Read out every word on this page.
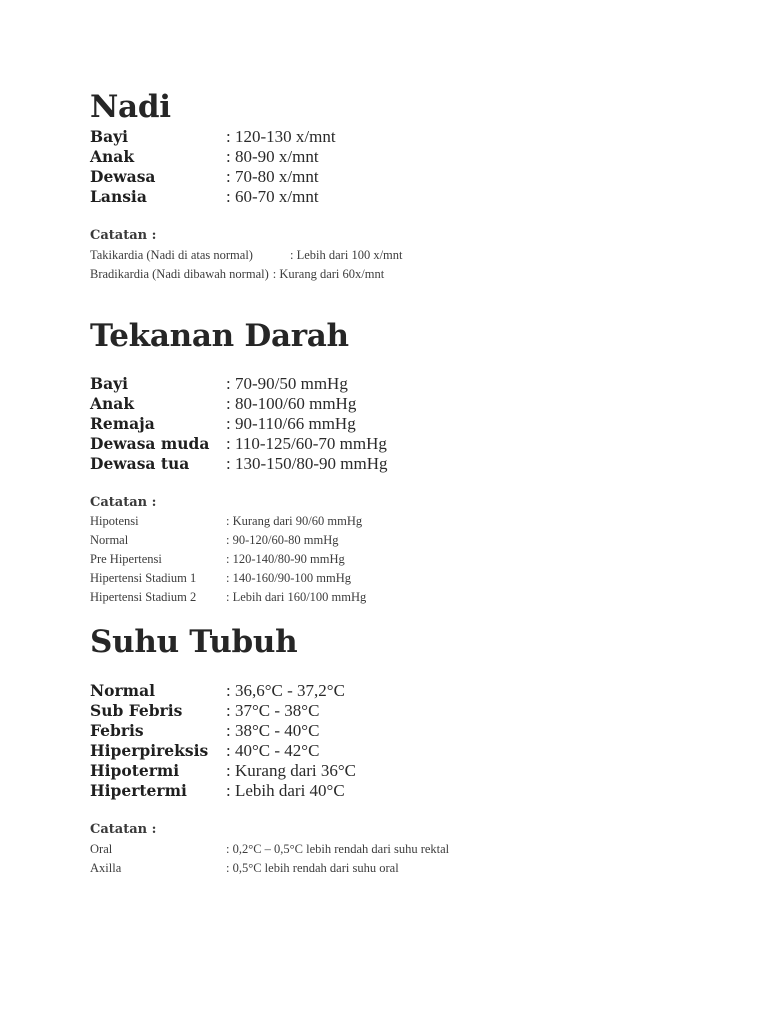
Nadi
Bayi	: 120-130 x/mnt
Anak	: 80-90 x/mnt
Dewasa	: 70-80 x/mnt
Lansia	: 60-70 x/mnt
Catatan :
Takikardia (Nadi di atas normal)	: Lebih dari 100 x/mnt
Bradikardia (Nadi dibawah normal) : Kurang dari 60x/mnt
Tekanan Darah
Bayi	: 70-90/50 mmHg
Anak	: 80-100/60 mmHg
Remaja	: 90-110/66 mmHg
Dewasa muda : 110-125/60-70 mmHg
Dewasa tua	: 130-150/80-90 mmHg
Catatan :
Hipotensi	: Kurang dari 90/60 mmHg
Normal	: 90-120/60-80 mmHg
Pre Hipertensi	: 120-140/80-90 mmHg
Hipertensi Stadium 1	: 140-160/90-100 mmHg
Hipertensi Stadium 2	: Lebih dari 160/100 mmHg
Suhu Tubuh
Normal	: 36,6°C - 37,2°C
Sub Febris	: 37°C - 38°C
Febris	: 38°C - 40°C
Hiperpireksis	: 40°C - 42°C
Hipotermi	: Kurang dari 36°C
Hipertermi	: Lebih dari 40°C
Catatan :
Oral	: 0,2°C – 0,5°C lebih rendah dari suhu rektal
Axilla	: 0,5°C lebih rendah dari suhu oral
